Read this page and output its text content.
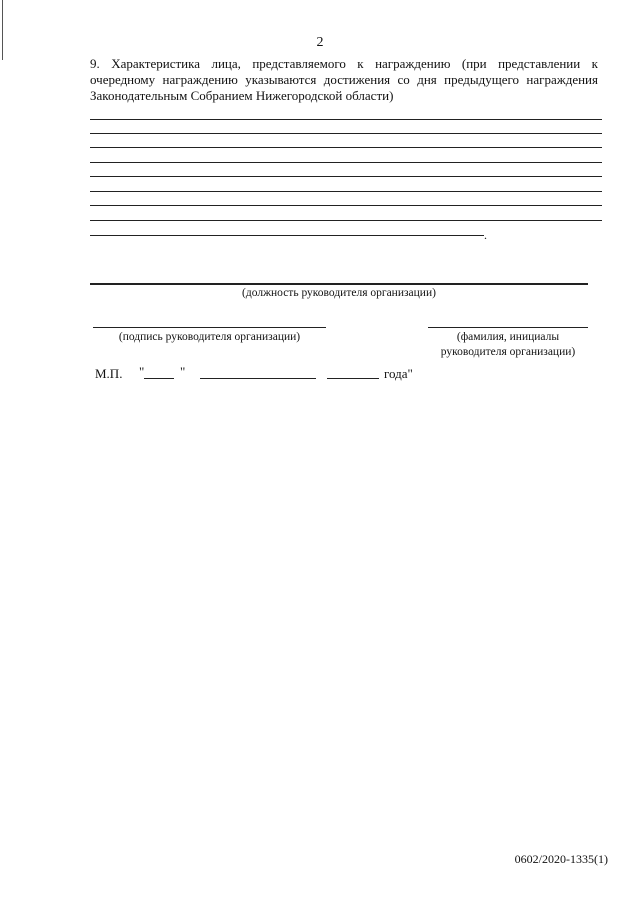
2
9. Характеристика лица, представляемого к награждению (при представлении к очередному награждению указываются достижения со дня предыдущего награждения Законодательным Собранием Нижегородской области)
.
(должность руководителя организации)
(подпись руководителя организации)	(фамилия, инициалы
руководителя организации)
М.П. "	"	года"
0602/2020-1335(1)
